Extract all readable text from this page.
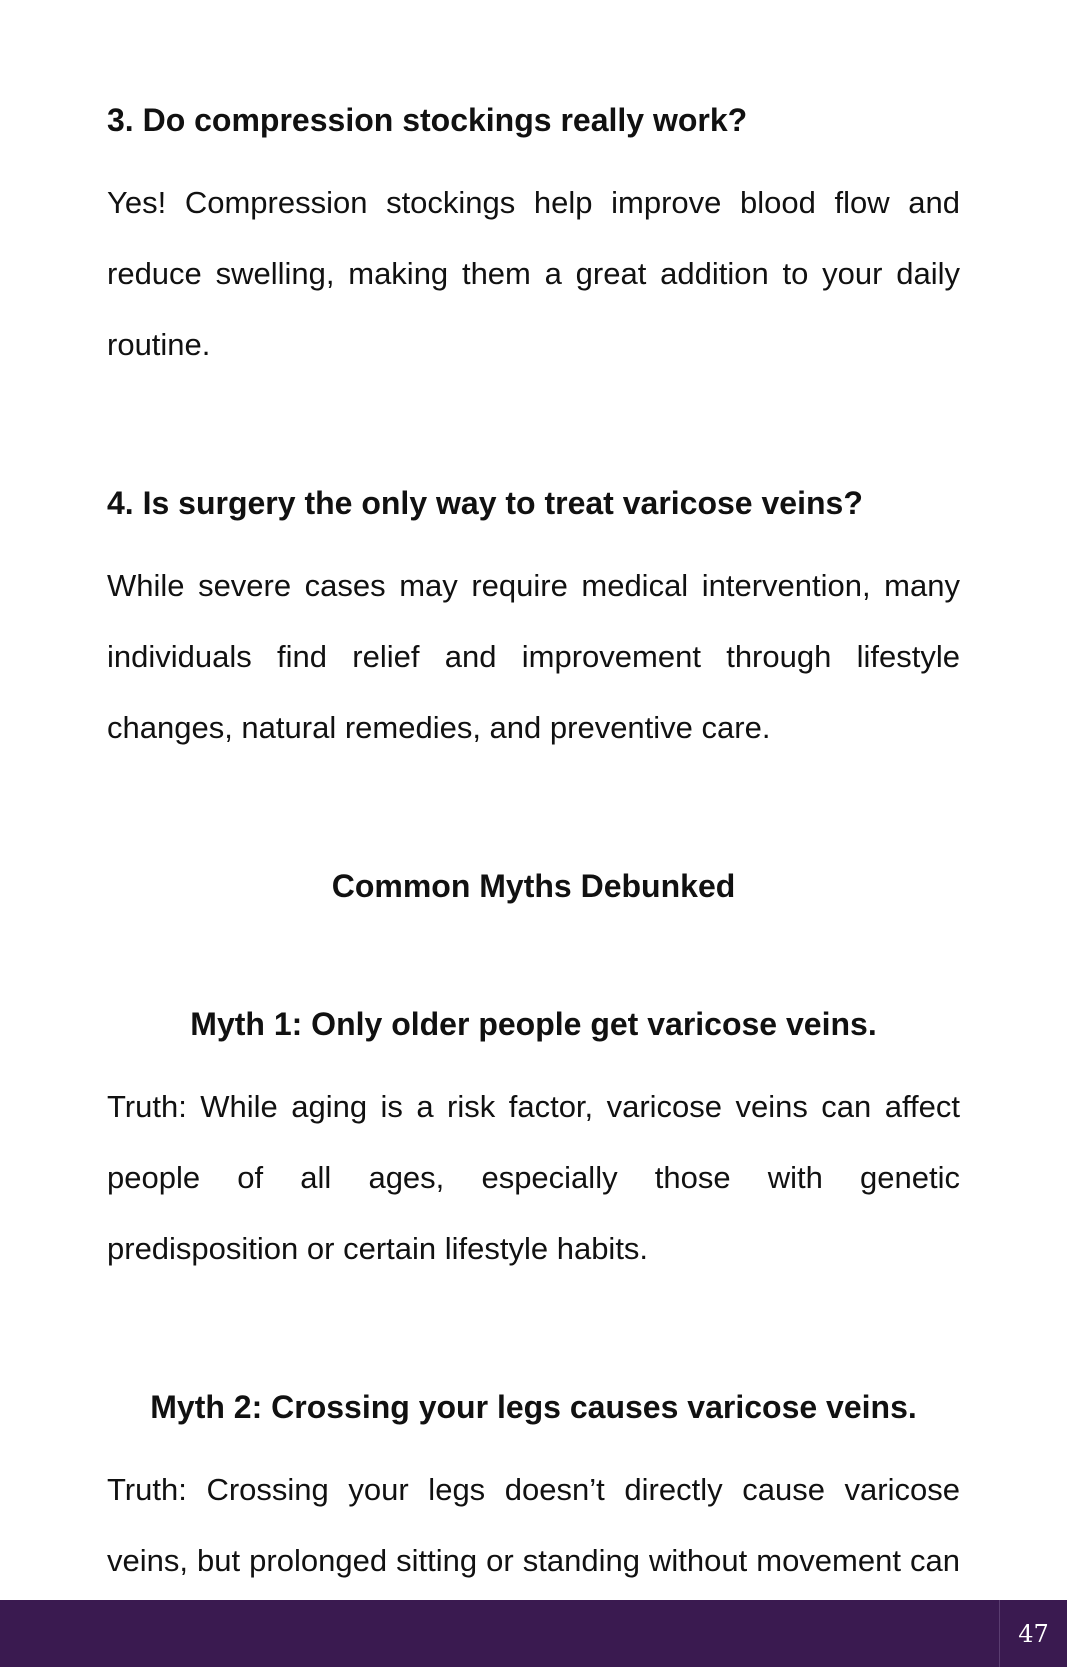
3. Do compression stockings really work?

Yes! Compression stockings help improve blood flow and reduce swelling, making them a great addition to your daily routine.

4. Is surgery the only way to treat varicose veins?

While severe cases may require medical intervention, many individuals find relief and improvement through lifestyle changes, natural remedies, and preventive care.

Common Myths Debunked

Myth 1: Only older people get varicose veins.

Truth: While aging is a risk factor, varicose veins can affect people of all ages, especially those with genetic predisposition or certain lifestyle habits.

Myth 2: Crossing your legs causes varicose veins.

Truth: Crossing your legs doesn’t directly cause varicose veins, but prolonged sitting or standing without movement can

47
